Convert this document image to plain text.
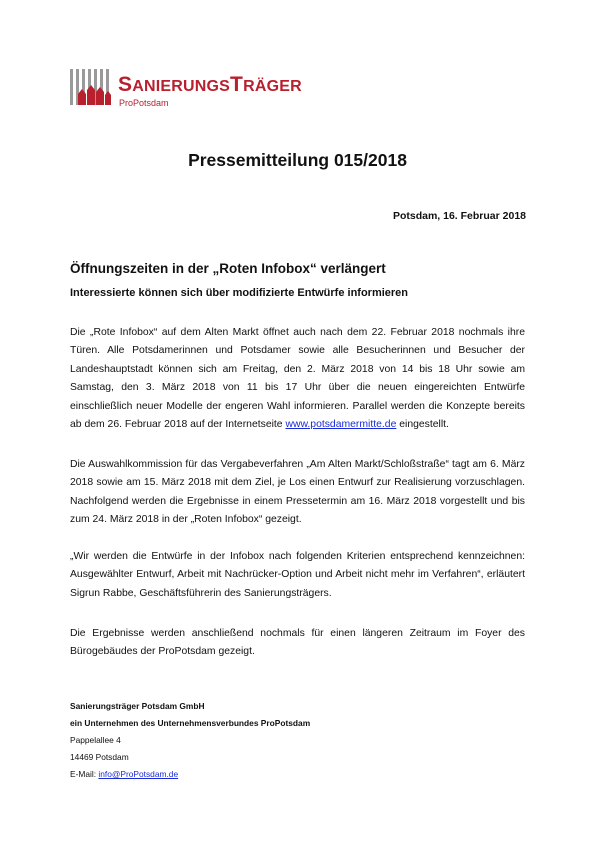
SANIERUNGSTRÄGER
ProPotsdam
Pressemitteilung 015/2018
Potsdam, 16. Februar 2018
Öffnungszeiten in der „Roten Infobox“ verlängert
Interessierte können sich über modifizierte Entwürfe informieren

Die „Rote Infobox“ auf dem Alten Markt öffnet auch nach dem 22. Februar 2018 nochmals ihre Türen. Alle Potsdamerinnen und Potsdamer sowie alle Besucherinnen und Besucher der Landeshauptstadt können sich am Freitag, den 2. März 2018 von 14 bis 18 Uhr sowie am Samstag, den 3. März 2018 von 11 bis 17 Uhr über die neuen eingereichten Entwürfe einschließlich neuer Modelle der engeren Wahl informieren. Parallel werden die Konzepte bereits ab dem 26. Februar 2018 auf der Internetseite www.potsdamermitte.de eingestellt.

Die Auswahlkommission für das Vergabeverfahren „Am Alten Markt/Schloßstraße“ tagt am 6. März 2018 sowie am 15. März 2018 mit dem Ziel, je Los einen Entwurf zur Realisierung vorzuschlagen. Nachfolgend werden die Ergebnisse in einem Pressetermin am 16. März 2018 vorgestellt und bis zum 24. März 2018 in der „Roten Infobox“ gezeigt.

„Wir werden die Entwürfe in der Infobox nach folgenden Kriterien entsprechend kennzeichnen: Ausgewählter Entwurf, Arbeit mit Nachrücker-Option und Arbeit nicht mehr im Verfahren“, erläutert Sigrun Rabbe, Geschäftsführerin des Sanierungsträgers.

Die Ergebnisse werden anschließend nochmals für einen längeren Zeitraum im Foyer des Bürogebäudes der ProPotsdam gezeigt.

Sanierungsträger Potsdam GmbH
ein Unternehmen des Unternehmensverbundes ProPotsdam
Pappelallee 4
14469 Potsdam
E-Mail: info@ProPotsdam.de
